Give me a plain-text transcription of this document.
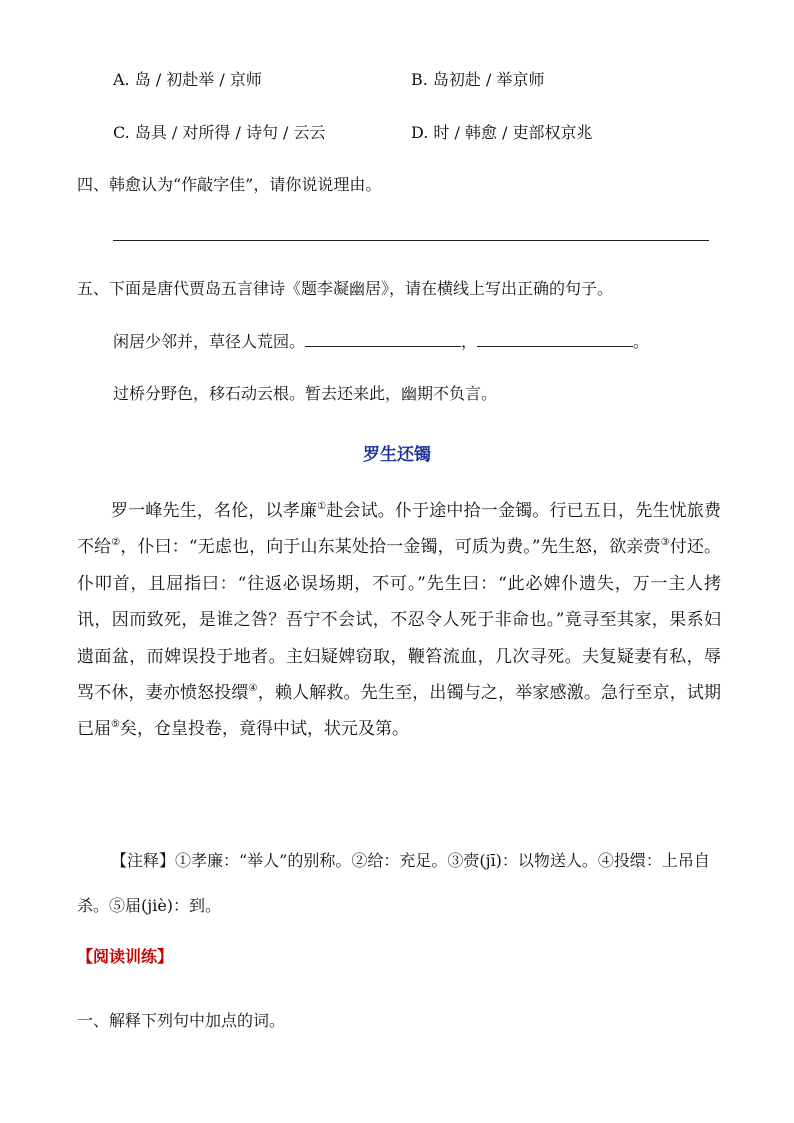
A. 岛 / 初赴举 / 京师	B. 岛初赴 / 举京师
C. 岛具 / 对所得 / 诗句 / 云云	D. 时 / 韩愈 / 吏部权京兆
四、韩愈认为“作敲字佳”，请你说说理由。
五、下面是唐代贾岛五言律诗《题李凝幽居》，请在横线上写出正确的句子。
闲居少邻并，草径人荒园。	，	。
过桥分野色，移石动云根。暂去还来此，幽期不负言。
罗生还镯

罗一峰先生，名伦，以孝廉①赴会试。仆于途中拾一金镯。行已五日，先生忧旅费不给②，仆曰：“无虑也，向于山东某处拾一金镯，可质为费。”先生怒，欲亲赍③付还。仆叩首，且屈指曰：“往返必误场期，不可。”先生曰：“此必婢仆遗失，万一主人拷讯，因而致死，是谁之咎？吾宁不会试，不忍令人死于非命也。”竟寻至其家，果系妇遗面盆，而婢误投于地者。主妇疑婢窃取，鞭笞流血，几次寻死。夫复疑妻有私，辱骂不休，妻亦愤怒投缳④，赖人解救。先生至，出镯与之，举家感激。急行至京，试期已届⑤矣，仓皇投卷，竟得中试，状元及第。

【注释】①孝廉：“举人”的别称。②给：充足。③赍(jī)：以物送人。④投缳：上吊自杀。⑤届(jiè)：到。

【阅读训练】
一、解释下列句中加点的词。
